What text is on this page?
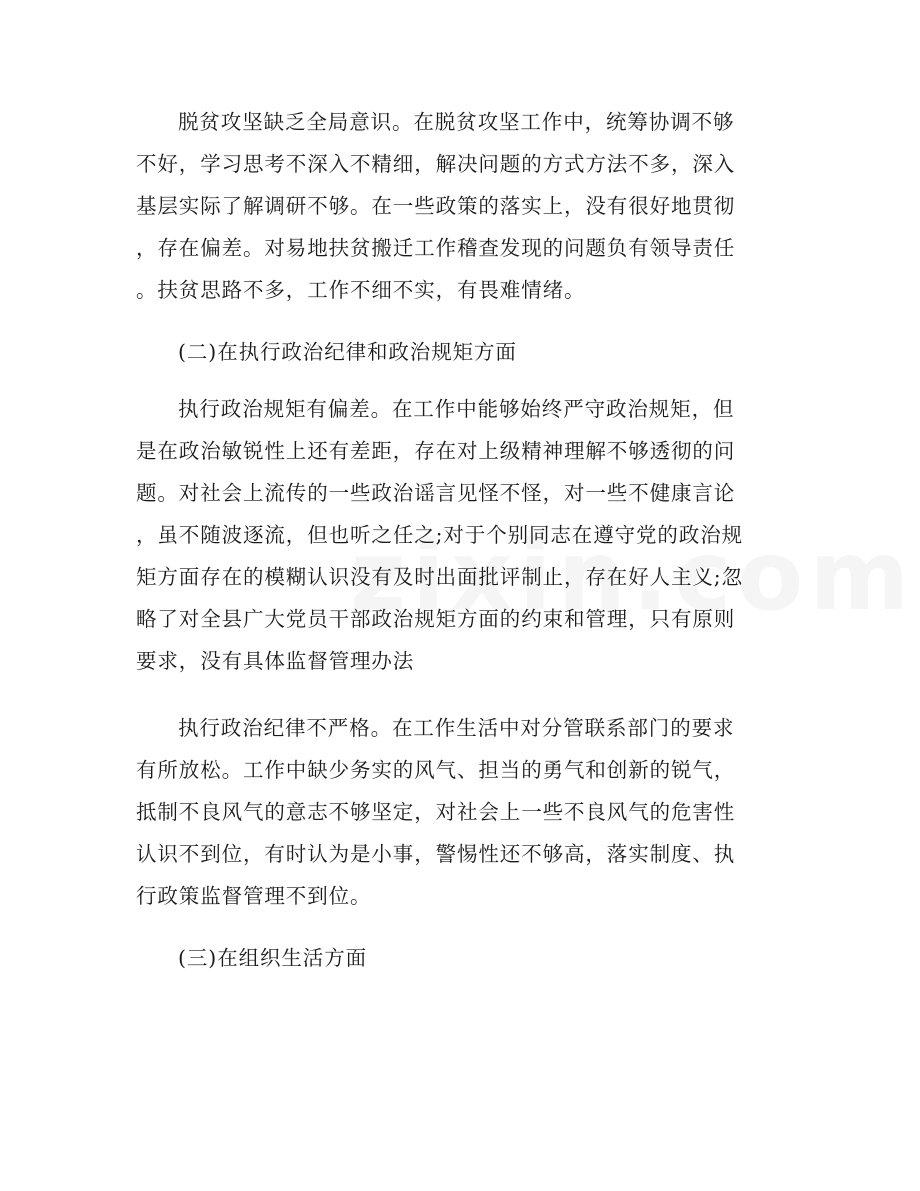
脱贫攻坚缺乏全局意识。在脱贫攻坚工作中，统筹协调不够
不好，学习思考不深入不精细，解决问题的方式方法不多，深入
基层实际了解调研不够。在一些政策的落实上，没有很好地贯彻
，存在偏差。对易地扶贫搬迁工作稽查发现的问题负有领导责任
。扶贫思路不多，工作不细不实，有畏难情绪。
(二)在执行政治纪律和政治规矩方面
执行政治规矩有偏差。在工作中能够始终严守政治规矩，但
是在政治敏锐性上还有差距，存在对上级精神理解不够透彻的问
题。对社会上流传的一些政治谣言见怪不怪，对一些不健康言论
，虽不随波逐流，但也听之任之;对于个别同志在遵守党的政治规
矩方面存在的模糊认识没有及时出面批评制止，存在好人主义;忽
略了对全县广大党员干部政治规矩方面的约束和管理，只有原则
要求，没有具体监督管理办法
执行政治纪律不严格。在工作生活中对分管联系部门的要求
有所放松。工作中缺少务实的风气、担当的勇气和创新的锐气，
抵制不良风气的意志不够坚定，对社会上一些不良风气的危害性
认识不到位，有时认为是小事，警惕性还不够高，落实制度、执
行政策监督管理不到位。
(三)在组织生活方面
